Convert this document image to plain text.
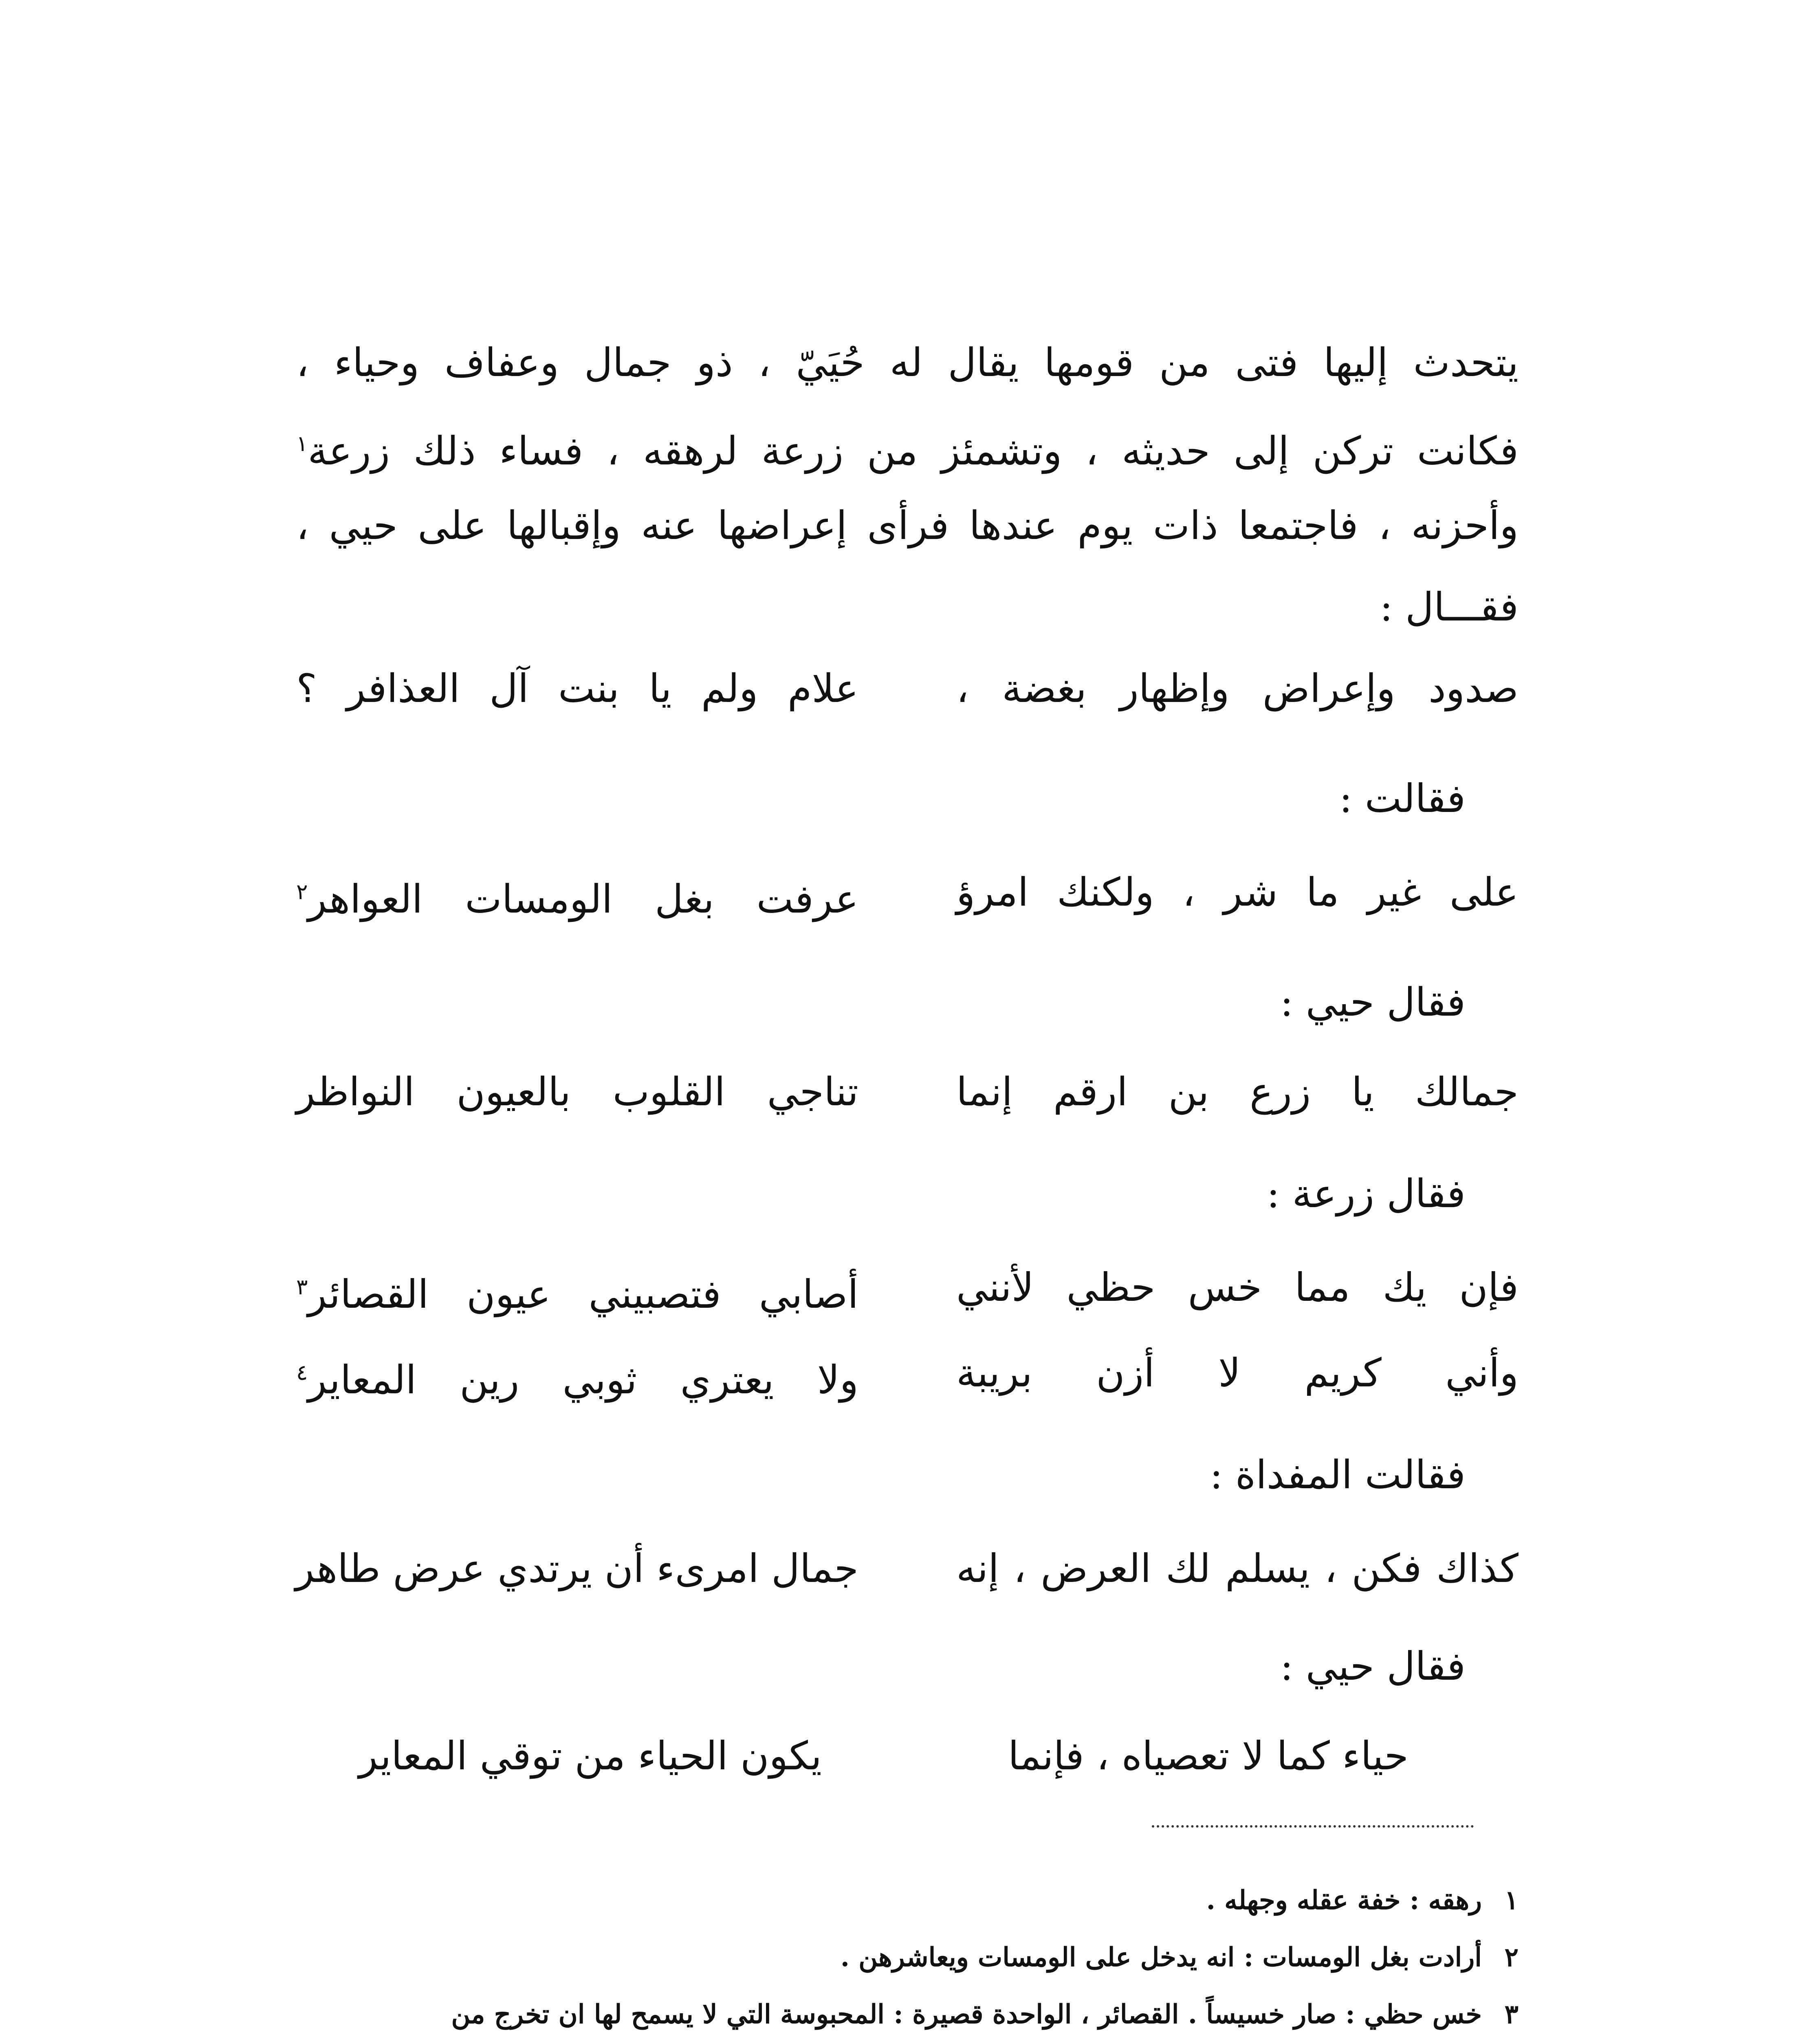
يتحدث إليها فتى من قومها يقال له حُيَيّ ، ذو جمال وعفاف وحياء ،
فكانت تركن إلى حديثه ، وتشمئز من زرعة لرهقه ، فساء ذلك زرعة$^١$
وأحزنه ، فاجتمعا ذات يوم عندها فرأى إعراضها عنه وإقبالها على حيي ،
فقـــال :
صدود وإعراض وإظهار بغضة ،
علام ولم يا بنت آل العذافر ؟
فقالت :
على غير ما شر ، ولكنك امرؤ
عرفت بغل الومسات العواهر$^٢$
فقال حيي :
جمالك يا زرع بن ارقم إنما
تناجي القلوب بالعيون النواظر
فقال زرعة :
فإن يك مما خس حظي لأنني
أصابي فتصبيني عيون القصائر$^٣$
وأني كريم لا أزن بريبة
ولا يعتري ثوبي رين المعاير$^٤$
فقالت المفداة :
كذاك فكن ، يسلم لك العرض ، إنه
جمال امرىء أن يرتدي عرض طاهر
فقال حيي :
حياء كما لا تعصياه ، فإنما
يكون الحياء من توقي المعاير
١رهقه : خفة عقله وجهله .
٢أرادت بغل الومسات : انه يدخل على الومسات ويعاشرهن .
٣خس حظي : صار خسيساً . القصائر ، الواحدة قصيرة : المحبوسة التي لا يسمح لها ان تخرج من
